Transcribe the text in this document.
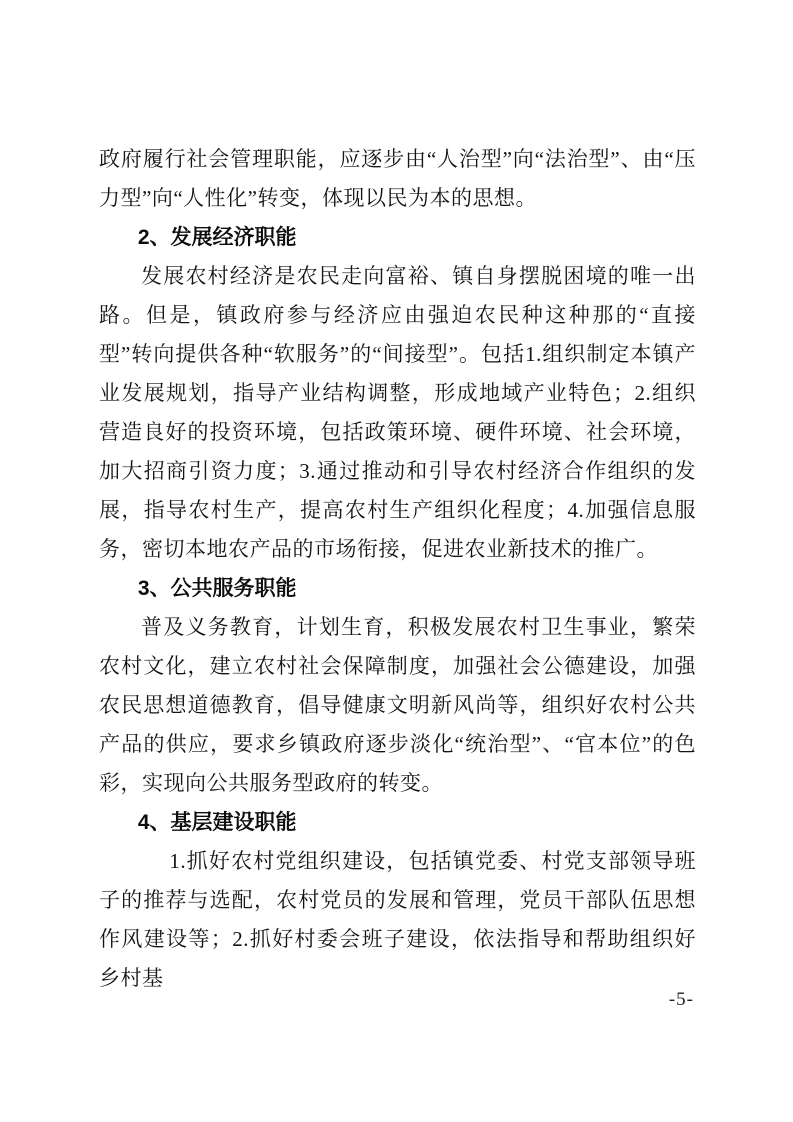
政府履行社会管理职能，应逐步由“人治型”向“法治型”、由“压力型”向“人性化”转变，体现以民为本的思想。

2、发展经济职能

发展农村经济是农民走向富裕、镇自身摆脱困境的唯一出路。但是，镇政府参与经济应由强迫农民种这种那的“直接型”转向提供各种“软服务”的“间接型”。包括1.组织制定本镇产业发展规划，指导产业结构调整，形成地域产业特色；2.组织营造良好的投资环境，包括政策环境、硬件环境、社会环境，加大招商引资力度；3.通过推动和引导农村经济合作组织的发展，指导农村生产，提高农村生产组织化程度；4.加强信息服务，密切本地农产品的市场衔接，促进农业新技术的推广。

3、公共服务职能

普及义务教育，计划生育，积极发展农村卫生事业，繁荣农村文化，建立农村社会保障制度，加强社会公德建设，加强农民思想道德教育，倡导健康文明新风尚等，组织好农村公共产品的供应，要求乡镇政府逐步淡化“统治型”、“官本位”的色彩，实现向公共服务型政府的转变。

4、基层建设职能

1.抓好农村党组织建设，包括镇党委、村党支部领导班子的推荐与选配，农村党员的发展和管理，党员干部队伍思想作风建设等；2.抓好村委会班子建设，依法指导和帮助组织好乡村基

-5-
